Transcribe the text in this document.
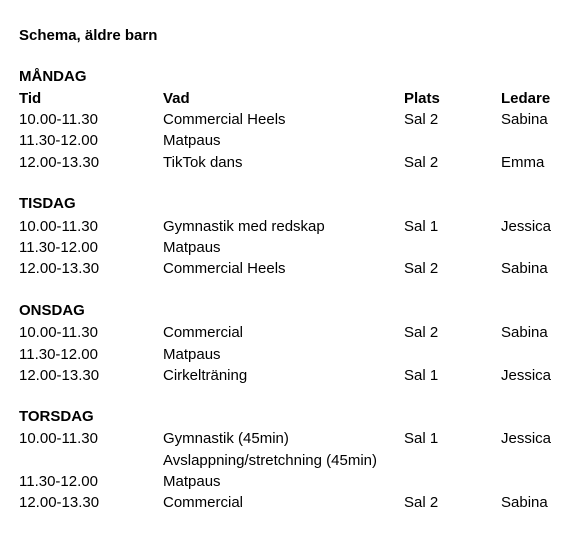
Schema, äldre barn
MÅNDAG
Tid	Vad	Plats	Ledare
10.00-11.30	Commercial Heels	Sal 2	Sabina
11.30-12.00	Matpaus
12.00-13.30	TikTok dans	Sal 2	Emma
TISDAG
10.00-11.30	Gymnastik med redskap	Sal 1	Jessica
11.30-12.00	Matpaus
12.00-13.30	Commercial Heels	Sal 2	Sabina
ONSDAG
10.00-11.30	Commercial	Sal 2	Sabina
11.30-12.00	Matpaus
12.00-13.30	Cirkelträning	Sal 1	Jessica
TORSDAG
10.00-11.30	Gymnastik (45min)	Sal 1	Jessica
Avslappning/stretchning (45min)
11.30-12.00	Matpaus
12.00-13.30	Commercial	Sal 2	Sabina
